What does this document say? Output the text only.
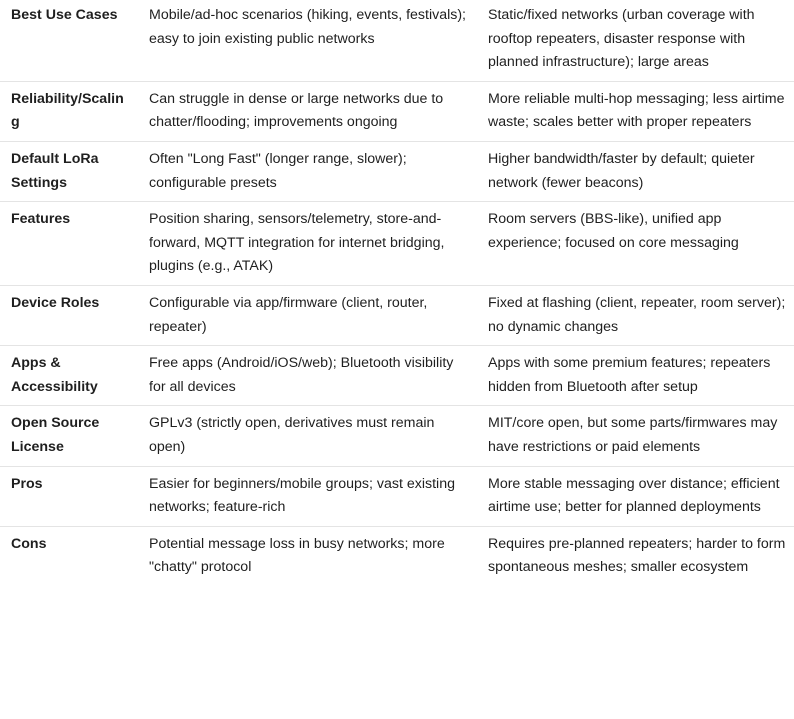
Best Use Cases	Mobile/ad-hoc scenarios (hiking, events, festivals); easy to join existing public networks	Static/fixed networks (urban coverage with rooftop repeaters, disaster response with planned infrastructure); large areas
Reliability/Scaling	Can struggle in dense or large networks due to chatter/flooding; improvements ongoing	More reliable multi-hop messaging; less airtime waste; scales better with proper repeaters
Default LoRa Settings	Often "Long Fast" (longer range, slower); configurable presets	Higher bandwidth/faster by default; quieter network (fewer beacons)
Features	Position sharing, sensors/telemetry, store-and-forward, MQTT integration for internet bridging, plugins (e.g., ATAK)	Room servers (BBS-like), unified app experience; focused on core messaging
Device Roles	Configurable via app/firmware (client, router, repeater)	Fixed at flashing (client, repeater, room server); no dynamic changes
Apps & Accessibility	Free apps (Android/iOS/web); Bluetooth visibility for all devices	Apps with some premium features; repeaters hidden from Bluetooth after setup
Open Source License	GPLv3 (strictly open, derivatives must remain open)	MIT/core open, but some parts/firmwares may have restrictions or paid elements
Pros	Easier for beginners/mobile groups; vast existing networks; feature-rich	More stable messaging over distance; efficient airtime use; better for planned deployments
Cons	Potential message loss in busy networks; more "chatty" protocol	Requires pre-planned repeaters; harder to form spontaneous meshes; smaller ecosystem
